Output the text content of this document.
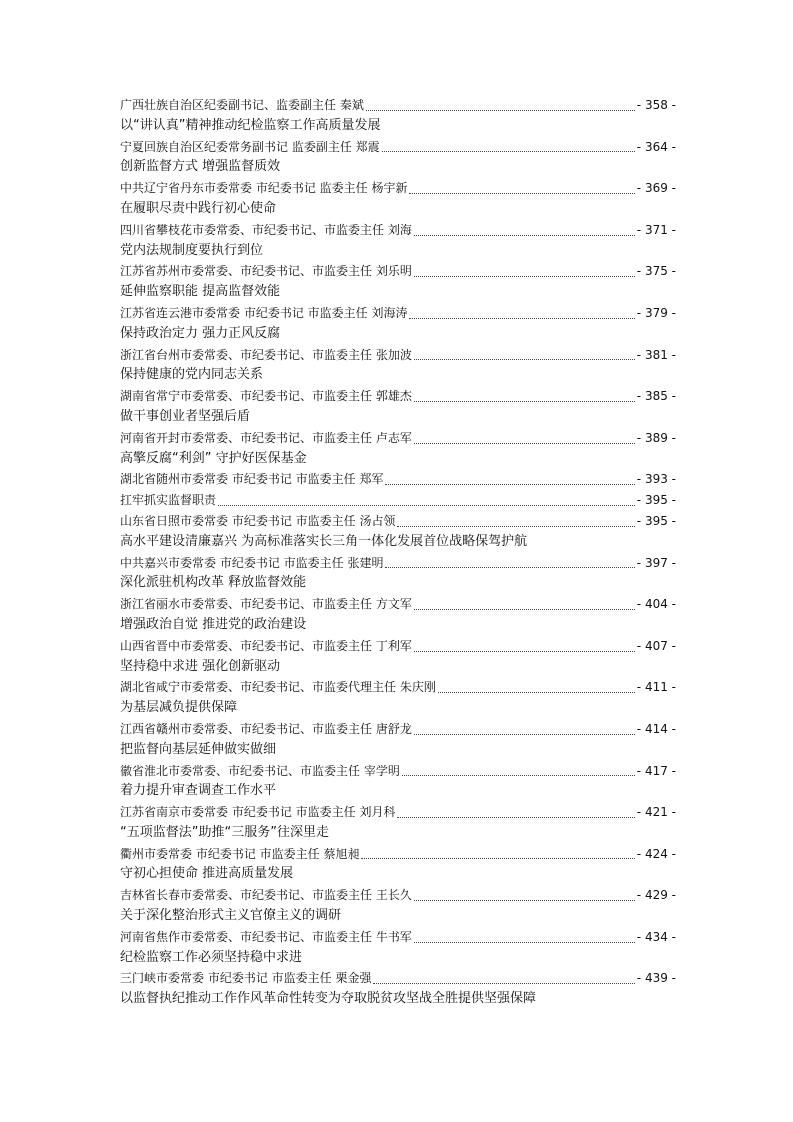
广西壮族自治区纪委副书记、监委副主任 秦斌	- 358 -
以“讲认真”精神推动纪检监察工作高质量发展
宁夏回族自治区纪委常务副书记 监委副主任 郑震	- 364 -
创新监督方式 增强监督质效
中共辽宁省丹东市委常委 市纪委书记 监委主任 杨宇新	- 369 -
在履职尽责中践行初心使命
四川省攀枝花市委常委、市纪委书记、市监委主任 刘海	- 371 -
党内法规制度要执行到位
江苏省苏州市委常委、市纪委书记、市监委主任 刘乐明	- 375 -
延伸监察职能 提高监督效能
江苏省连云港市委常委 市纪委书记 市监委主任 刘海涛	- 379 -
保持政治定力 强力正风反腐
浙江省台州市委常委、市纪委书记、市监委主任 张加波	- 381 -
保持健康的党内同志关系
湖南省常宁市委常委、市纪委书记、市监委主任 郭雄杰	- 385 -
做干事创业者坚强后盾
河南省开封市委常委、市纪委书记、市监委主任 卢志军	- 389 -
高擎反腐“利剑” 守护好医保基金
湖北省随州市委常委 市纪委书记 市监委主任 郑军	- 393 -
扛牢抓实监督职责	- 395 -
山东省日照市委常委 市纪委书记 市监委主任 汤占领	- 395 -
高水平建设清廉嘉兴 为高标准落实长三角一体化发展首位战略保驾护航
中共嘉兴市委常委 市纪委书记 市监委主任 张建明	- 397 -
深化派驻机构改革 释放监督效能
浙江省丽水市委常委、市纪委书记、市监委主任 方文军	- 404 -
增强政治自觉 推进党的政治建设
山西省晋中市委常委、市纪委书记、市监委主任 丁利军	- 407 -
坚持稳中求进 强化创新驱动
湖北省咸宁市委常委、市纪委书记、市监委代理主任 朱庆刚	- 411 -
为基层减负提供保障
江西省赣州市委常委、市纪委书记、市监委主任 唐舒龙	- 414 -
把监督向基层延伸做实做细
徽省淮北市委常委、市纪委书记、市监委主任 宰学明	- 417 -
着力提升审查调查工作水平
江苏省南京市委常委 市纪委书记 市监委主任 刘月科	- 421 -
“五项监督法”助推“三服务”往深里走
衢州市委常委 市纪委书记 市监委主任 蔡旭昶	- 424 -
守初心担使命 推进高质量发展
吉林省长春市委常委、市纪委书记、市监委主任 王长久	- 429 -
关于深化整治形式主义官僚主义的调研
河南省焦作市委常委、市纪委书记、市监委主任 牛书军	- 434 -
纪检监察工作必须坚持稳中求进
三门峡市委常委 市纪委书记 市监委主任 栗金强	- 439 -
以监督执纪推动工作作风革命性转变为夺取脱贫攻坚战全胜提供坚强保障
